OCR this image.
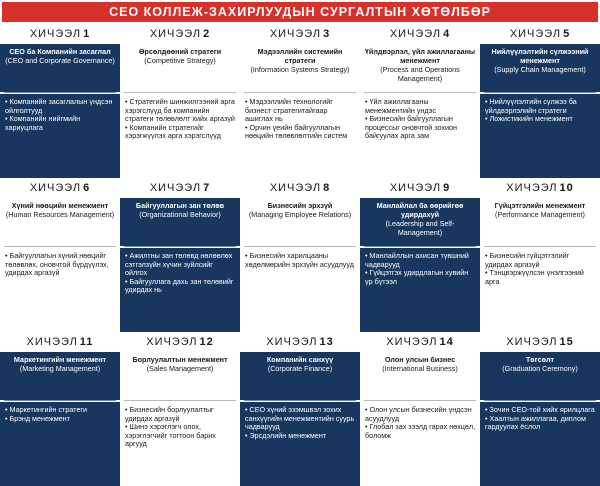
CEO КОЛЛЕЖ-ЗАХИРЛУУДЫН СУРГАЛТЫН ХӨТӨЛБӨР
ХИЧЭЭЛ 1
СЕО ба Компанийн засаглал
(CEO and Corporate Governance)
• Компанийн засаглалын үндсэн ойлголтууд
• Компанийн нийгмийн хариуцлага
ХИЧЭЭЛ 2
Өрсөлдөөний стратеги
(Competitive Strategy)
• Стратегийн шинжилгээний арга хэрэгслүүд ба компанийн стратеги төлөвлөлт хийх аргазүй
• Компанийн стратегийг хэрэгжүүлэх арга хэрэгслүүд
ХИЧЭЭЛ 3
Мэдээллийн системийн стратеги
(Information Systems Strategy)
• Мэдээллийн технологийг бизнест стратегитайгаар ашиглах нь
• Орчин үеийн байгууллагын нөөцийн төлөвлөлтийн систем
ХИЧЭЭЛ 4
Үйлдвэрлэл, үйл ажиллагааны менежмент
(Process and Operations Management)
• Үйл ажиллагааны менежментийн үндэс
• Бизнесийн байгууллагын процессыг оновчтой зохион байгуулах арга зам
ХИЧЭЭЛ 5
Нийлүүлэлтийн сүлжээний менежмент
(Supply Chain Management)
• Нийлүүлэлтийн сүлжээ ба үйлдвэрлэлийн стратеги
• Ложистикийн менежмент
ХИЧЭЭЛ 6
Хүний нөөцийн менежмент
(Human Resources Management)
• Байгууллагын хүний нөөцийг төлөвлөх, оновчтой бүрдүүлэх, удирдах аргазүй
ХИЧЭЭЛ 7
Байгууллагын зан төлөв
(Organizational Behavior)
• Ажилтны зан төлөвд нөлөөлөх сэтгэлзүйн хүчин зүйлсийг ойлгох
• Байгууллага дахь зан төлөвийг удирдах нь
ХИЧЭЭЛ 8
Бизнесийн эрхзүй
(Managing Employee Relations)
• Бизнесийн харилцааны хөдөлмөрийн эрхзүйн асуудлууд
ХИЧЭЭЛ 9
Манлайлал ба өөрийгөө удирдахуй
(Leadership and Self-Management)
• Манлайллын ахисан түвшний чадварууд
• Гүйцэтгэх удирдлагын хувийн үр бүтээл
ХИЧЭЭЛ 10
Гүйцэтгэлийн менежмент
(Performance Management)
• Бизнесийн гүйцэтгэлийг удирдах аргазүй
• Тэнцвэржүүлсэн үнэлгээний арга
ХИЧЭЭЛ 11
Маркетингийн менежмент
(Marketing Management)
• Маркетингийн стратеги
• Брэнд менежмент
ХИЧЭЭЛ 12
Борлуулалтын менежмент
(Sales Management)
• Бизнесийн борлуулалтыг удирдах аргазүй
• Шинэ хэрэглэгч олох, хэрэглэгчийг тогтоон барих аргууд
ХИЧЭЭЛ 13
Компанийн санхүү
(Corporate Finance)
• СЕО хүний эзэмшвэл зохих санхүүгийн менежментийн суурь чадварууд
• Эрсдэлийн менежмент
ХИЧЭЭЛ 14
Олон улсын бизнес
(International Business)
• Олон улсын бизнесийн үндсэн асуудлууд
• Глобал зах зээлд гарах нөхцөл, боломж
ХИЧЭЭЛ 15
Төгсөлт
(Graduation Ceremony)
• Зочин СЕО-той хийх ярилцлага
• Хаалтын ажиллагаа, диплом гардуулах ёслол
